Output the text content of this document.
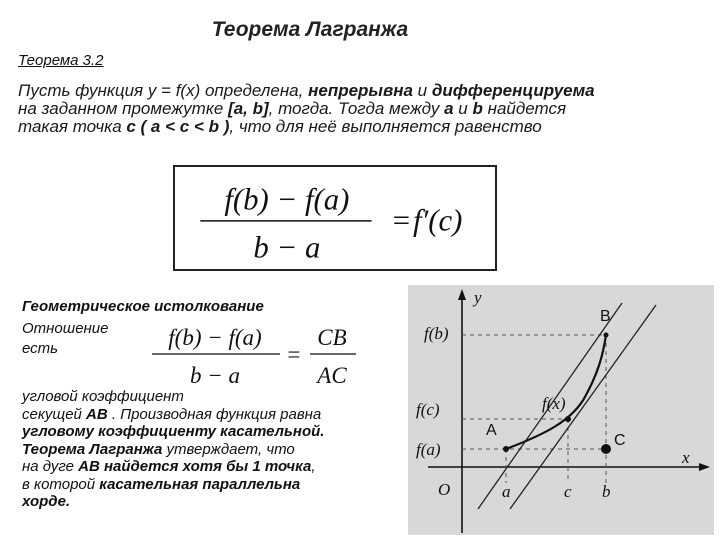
Теорема Лагранжа
Теорема 3.2
Пусть функция y = f(x) определена, непрерывна и дифференцируема
на заданном промежутке [a, b], тогда. Тогда между a и b найдется
такая точка c ( a < c < b ), что для неё выполняется равенство
f(b) − f(a)
b − a
= f′(c)
Геометрическое истолкование
Отношение
есть	f(b) − f(a)
b − a
=
CB
AC
угловой коэффициент
секущей АВ . Производная функция равна
угловому коэффициенту касательной.
Теорема Лагранжа утверждает, что
на дуге АВ найдется хотя бы 1 точка,
в которой касательная параллельна
хорде.
y
x
O
f(b)
f(c)
f(a)
f(x)
A
B
C
a	c b
